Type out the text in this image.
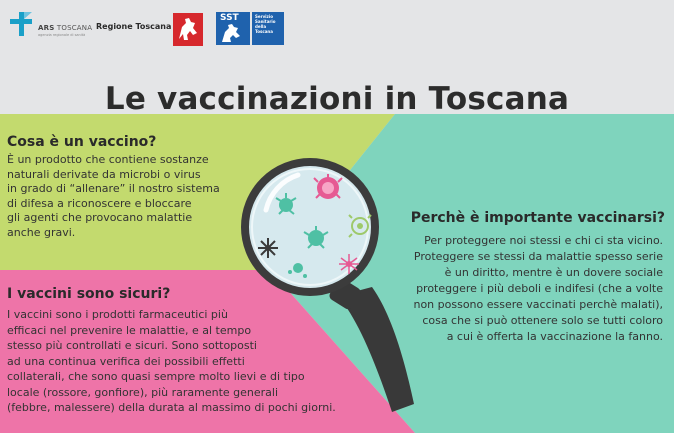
ARS TOSCANA
agenzia regionale di sanità
Regione Toscana
SST	Servizio
Sanitario
della
Toscana
Le vaccinazioni in Toscana
Cosa è un vaccino?
È un prodotto che contiene sostanze
naturali derivate da microbi o virus
in grado di “allenare” il nostro sistema
di difesa a riconoscere e bloccare
gli agenti che provocano malattie
anche gravi.
I vaccini sono sicuri?
I vaccini sono i prodotti farmaceutici più
efficaci nel prevenire le malattie, e al tempo
stesso più controllati e sicuri. Sono sottoposti
ad una continua verifica dei possibili effetti
collaterali, che sono quasi sempre molto lievi e di tipo
locale (rossore, gonfiore), più raramente generali
(febbre, malessere) della durata al massimo di pochi giorni.
Perchè è importante vaccinarsi?
Per proteggere noi stessi e chi ci sta vicino.
Proteggere se stessi da malattie spesso serie
è un diritto, mentre è un dovere sociale
proteggere i più deboli e indifesi (che a volte
non possono essere vaccinati perchè malati),
cosa che si può ottenere solo se tutti coloro
a cui è offerta la vaccinazione la fanno.
